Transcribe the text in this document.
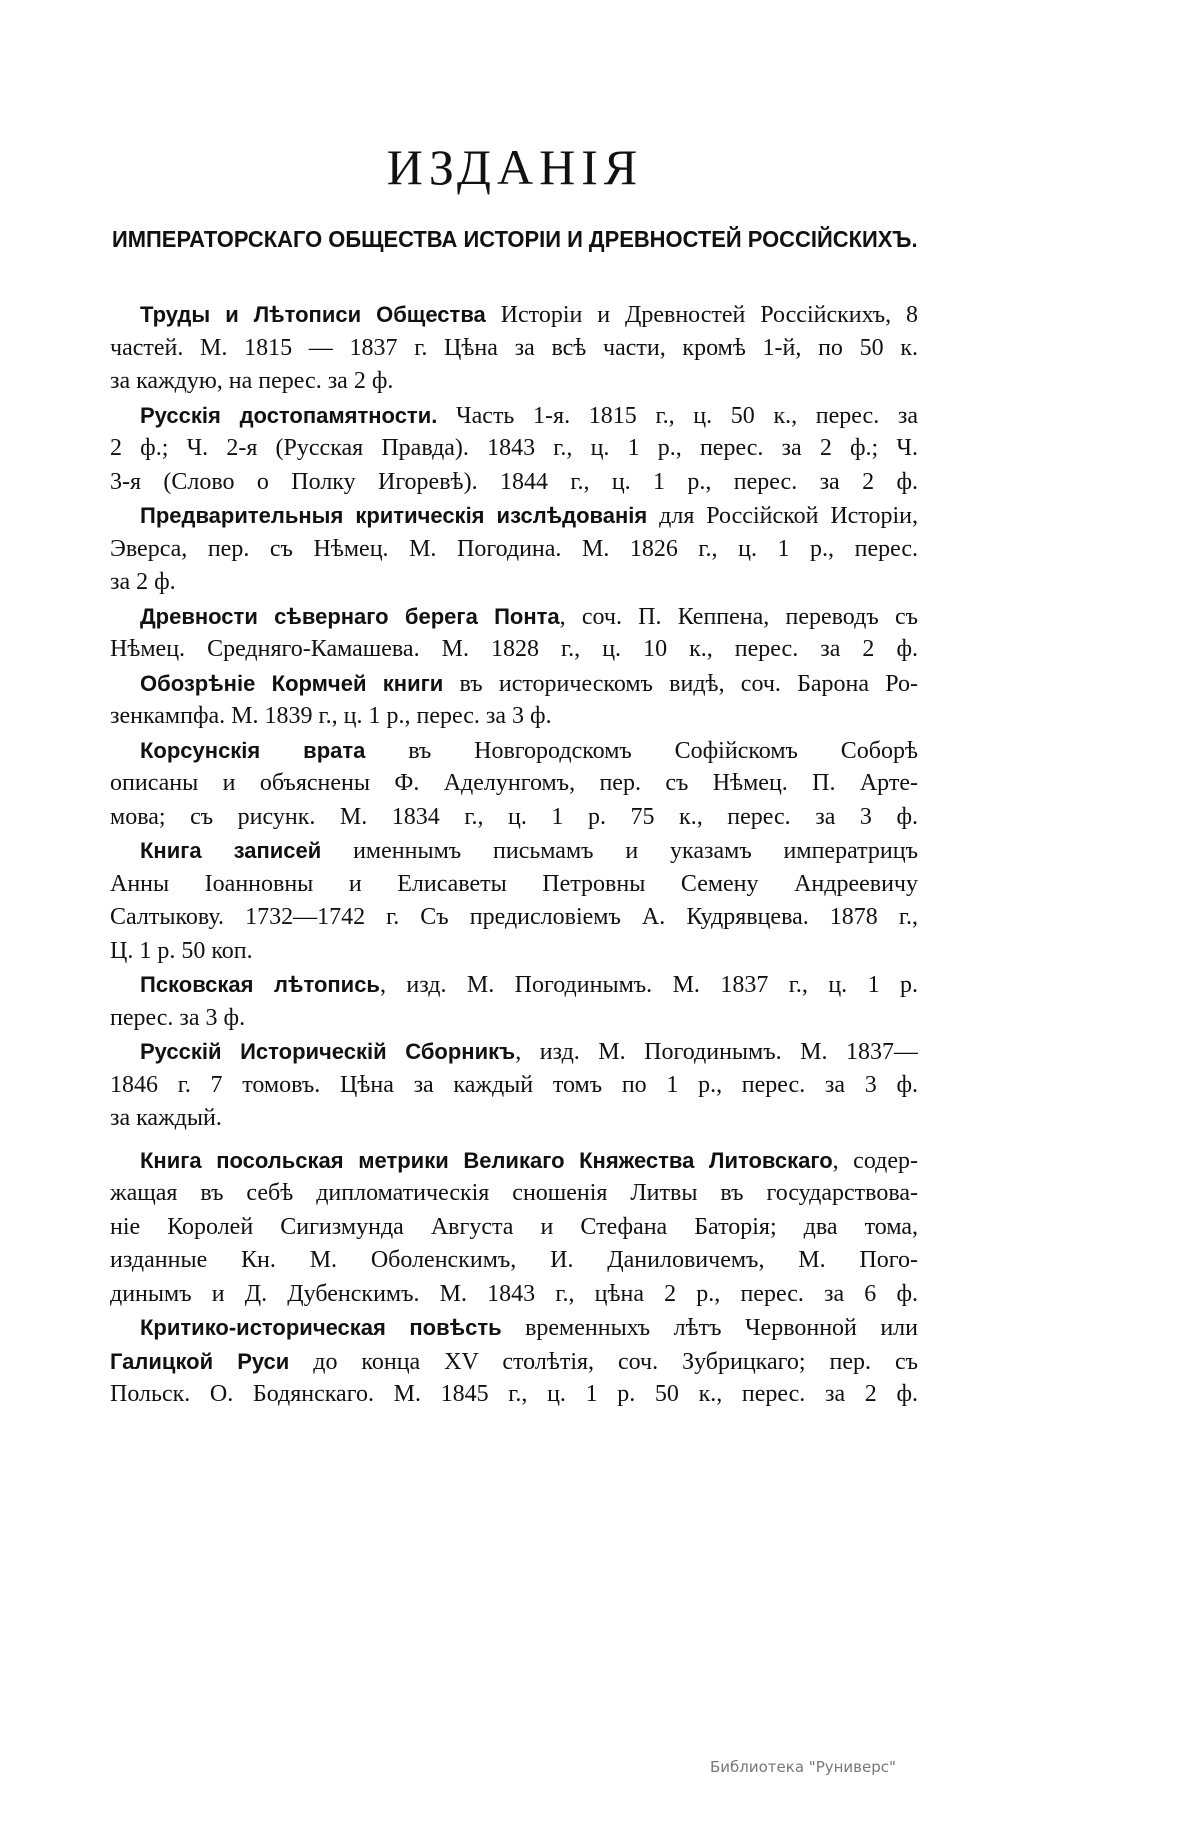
ИЗДАНІЯ
ИМПЕРАТОРСКАГО ОБЩЕСТВА ИСТОРІИ И ДРЕВНОСТЕЙ РОССІЙСКИХЪ.
Труды и Лѣтописи Общества Исторіи и Древностей Россійскихъ, 8
частей. М. 1815 — 1837 г. Цѣна за всѣ части, кромѣ 1-й, по 50 к.
за каждую, на перес. за 2 ф.
Русскія достопамятности. Часть 1-я. 1815 г., ц. 50 к., перес. за
2 ф.; Ч. 2-я (Русская Правда). 1843 г., ц. 1 р., перес. за 2 ф.; Ч.
3-я (Слово о Полку Игоревѣ). 1844 г., ц. 1 р., перес. за 2 ф.
Предварительныя критическія изслѣдованія для Россійской Исторіи,
Эверса, пер. съ Нѣмец. М. Погодина. М. 1826 г., ц. 1 р., перес.
за 2 ф.
Древности сѣвернаго берега Понта, соч. П. Кеппена, переводъ съ
Нѣмец. Средняго-Камашева. М. 1828 г., ц. 10 к., перес. за 2 ф.
Обозрѣніе Кормчей книги въ историческомъ видѣ, соч. Барона Ро-
зенкампфа. М. 1839 г., ц. 1 р., перес. за 3 ф.
Корсунскія врата въ Новгородскомъ Софійскомъ Соборѣ
описаны и объяснены Ф. Аделунгомъ, пер. съ Нѣмец. П. Арте-
мова; съ рисунк. М. 1834 г., ц. 1 р. 75 к., перес. за 3 ф.
Книга записей именнымъ письмамъ и указамъ императрицъ
Анны Іоанновны и Елисаветы Петровны Семену Андреевичу
Салтыкову. 1732—1742 г. Съ предисловіемъ А. Кудрявцева. 1878 г.,
Ц. 1 р. 50 коп.
Псковская лѣтопись, изд. М. Погодинымъ. М. 1837 г., ц. 1 р.
перес. за 3 ф.
Русскій Историческій Сборникъ, изд. М. Погодинымъ. М. 1837—
1846 г. 7 томовъ. Цѣна за каждый томъ по 1 р., перес. за 3 ф.
за каждый.
Книга посольская метрики Великаго Княжества Литовскаго, содер-
жащая въ себѣ дипломатическія сношенія Литвы въ государствова-
ніе Королей Сигизмунда Августа и Стефана Баторія; два тома,
изданные Кн. М. Оболенскимъ, И. Даниловичемъ, М. Пого-
динымъ и Д. Дубенскимъ. М. 1843 г., цѣна 2 р., перес. за 6 ф.
Критико-историческая повѣсть временныхъ лѣтъ Червонной или
Галицкой Руси до конца XV столѣтія, соч. Зубрицкаго; пер. съ
Польск. О. Бодянскаго. М. 1845 г., ц. 1 р. 50 к., перес. за 2 ф.
Библиотека "Руниверс"
